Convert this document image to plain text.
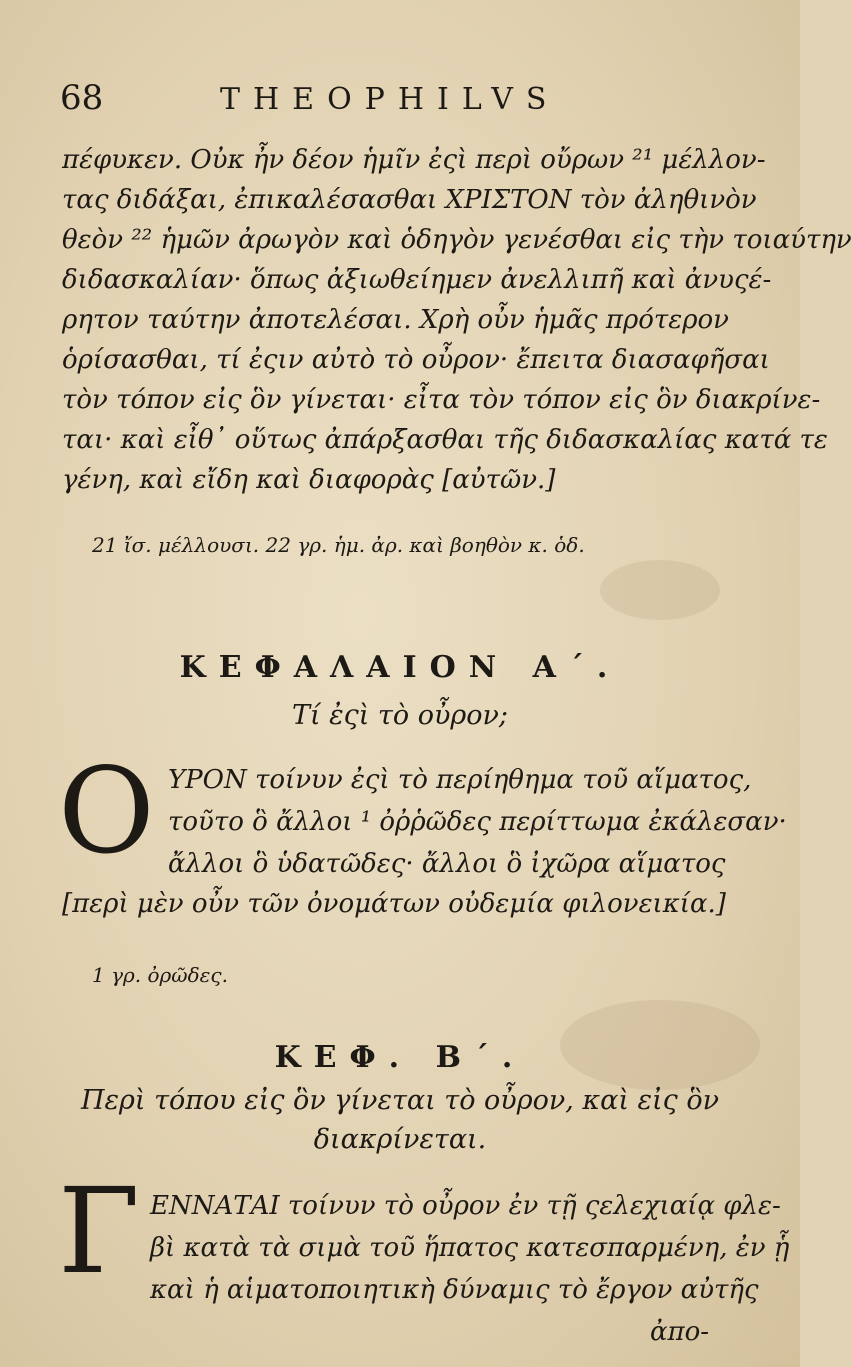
68	THEOPHILVS
πέφυκεν. Οὐκ ἦν δέον ἡμῖν ἐςὶ περὶ οὔρων ²¹ μέλλον-
τας διδάξαι, ἐπικαλέσασθαι ΧΡΙΣΤΟΝ τὸν ἀληθινὸν
θεὸν ²² ἡμῶν ἀρωγὸν καὶ ὁδηγὸν γενέσθαι εἰς τὴν τοιαύτην
διδασκαλίαν· ὅπως ἀξιωθείημεν ἀνελλιπῆ καὶ ἀνυςέ-
ρητον ταύτην ἀποτελέσαι. Χρὴ οὖν ἡμᾶς πρότερον
ὁρίσασθαι, τί ἐςιν αὐτὸ τὸ οὖρον· ἔπειτα διασαφῆσαι
τὸν τόπον εἰς ὃν γίνεται· εἶτα τὸν τόπον εἰς ὃν διακρίνε-
ται· καὶ εἶθ᾽ οὕτως ἀπάρξασθαι τῆς διδασκαλίας κατά τε
γένη, καὶ εἴδη καὶ διαφορὰς [αὐτῶν.]
21 ἴσ. μέλλουσι. 22 γρ. ἡμ. ἀρ. καὶ βοηθὸν κ. ὁδ.
ΚΕΦΑΛΑΙΟΝ Α΄.
Τί ἐςὶ τὸ οὖρον;
O ΥΡΟΝ τοίνυν ἐςὶ τὸ περίηθημα τοῦ αἵματος,
τοῦτο ὃ ἄλλοι ¹ ὀῤῥῶδες περίττωμα ἐκάλεσαν·
ἄλλοι ὃ ὑδατῶδες· ἄλλοι ὃ ἰχῶρα αἵματος
[περὶ μὲν οὖν τῶν ὀνομάτων οὐδεμία φιλονεικία.]
1 γρ. ὀρῶδες.
ΚΕΦ. Β΄.
Περὶ τόπου εἰς ὃν γίνεται τὸ οὖρον, καὶ εἰς ὃν
διακρίνεται.
Γ ΕΝΝΑΤΑΙ τοίνυν τὸ οὖρον ἐν τῇ ςελεχιαίᾳ φλε-
βὶ κατὰ τὰ σιμὰ τοῦ ἥπατος κατεσπαρμένη, ἐν ᾗ
καὶ ἡ αἱματοποιητικὴ δύναμις τὸ ἔργον αὐτῆς
ἀπο-
